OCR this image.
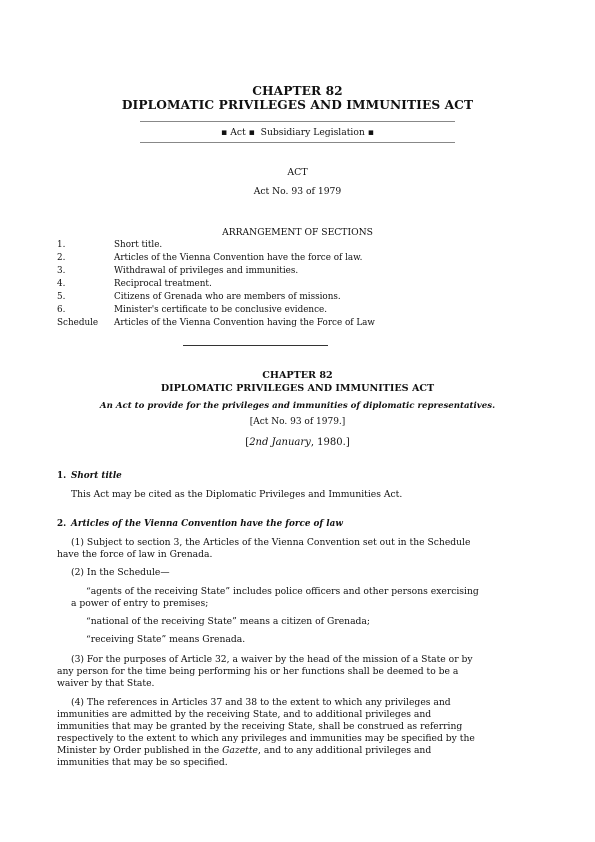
CHAPTER 82
DIPLOMATIC PRIVILEGES AND IMMUNITIES ACT
▪ Act ▪ Subsidiary Legislation ▪
ACT
Act No. 93 of 1979
ARRANGEMENT OF SECTIONS
1.	Short title.
2.	Articles of the Vienna Convention have the force of law.
3.	Withdrawal of privileges and immunities.
4.	Reciprocal treatment.
5.	Citizens of Grenada who are members of missions.
6.	Minister's certificate to be conclusive evidence.
Schedule Articles of the Vienna Convention having the Force of Law
CHAPTER 82
DIPLOMATIC PRIVILEGES AND IMMUNITIES ACT
An Act to provide for the privileges and immunities of diplomatic representatives.
[Act No. 93 of 1979.]
[2nd January, 1980.]
1. Short title
This Act may be cited as the Diplomatic Privileges and Immunities Act.
2. Articles of the Vienna Convention have the force of law
(1) Subject to section 3, the Articles of the Vienna Convention set out in the Schedule
have the force of law in Grenada.
(2) In the Schedule—
“agents of the receiving State” includes police officers and other persons exercising
a power of entry to premises;
“national of the receiving State” means a citizen of Grenada;
“receiving State” means Grenada.
(3) For the purposes of Article 32, a waiver by the head of the mission of a State or by
any person for the time being performing his or her functions shall be deemed to be a
waiver by that State.
(4) The references in Articles 37 and 38 to the extent to which any privileges and
immunities are admitted by the receiving State, and to additional privileges and
immunities that may be granted by the receiving State, shall be construed as referring
respectively to the extent to which any privileges and immunities may be specified by the
Minister by Order published in the Gazette, and to any additional privileges and
immunities that may be so specified.
